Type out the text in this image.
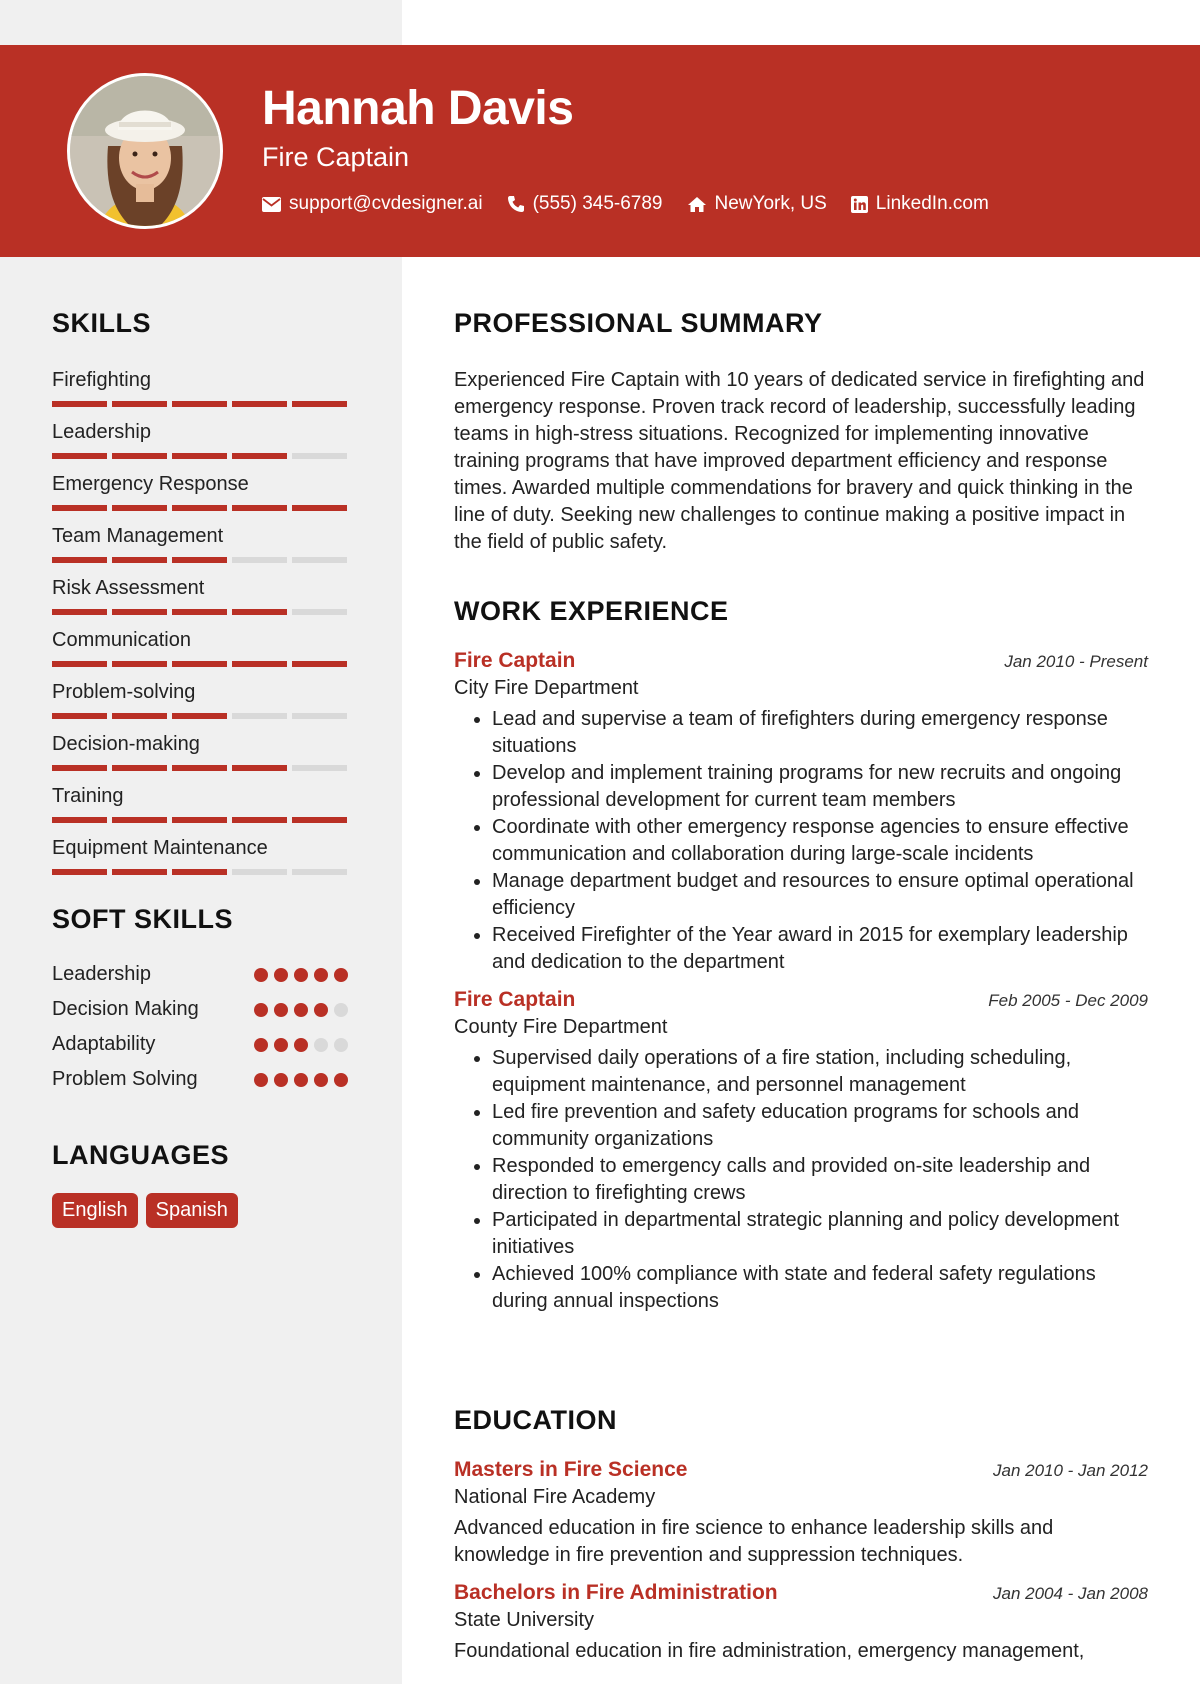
Hannah Davis
Fire Captain
support@cvdesigner.ai	(555) 345-6789	NewYork, US	LinkedIn.com
SKILLS
Firefighting
Leadership
Emergency Response
Team Management
Risk Assessment
Communication
Problem-solving
Decision-making
Training
Equipment Maintenance
SOFT SKILLS
Leadership
Decision Making
Adaptability
Problem Solving
LANGUAGES
English	Spanish
PROFESSIONAL SUMMARY

Experienced Fire Captain with 10 years of dedicated service in firefighting and emergency response. Proven track record of leadership, successfully leading teams in high-stress situations. Recognized for implementing innovative training programs that have improved department efficiency and response times. Awarded multiple commendations for bravery and quick thinking in the line of duty. Seeking new challenges to continue making a positive impact in the field of public safety.

WORK EXPERIENCE
Fire Captain	Jan 2010 - Present
City Fire Department
• Lead and supervise a team of firefighters during emergency response situations
• Develop and implement training programs for new recruits and ongoing professional development for current team members
• Coordinate with other emergency response agencies to ensure effective communication and collaboration during large-scale incidents
• Manage department budget and resources to ensure optimal operational efficiency
• Received Firefighter of the Year award in 2015 for exemplary leadership and dedication to the department
Fire Captain	Feb 2005 - Dec 2009
County Fire Department
• Supervised daily operations of a fire station, including scheduling, equipment maintenance, and personnel management
• Led fire prevention and safety education programs for schools and community organizations
• Responded to emergency calls and provided on-site leadership and direction to firefighting crews
• Participated in departmental strategic planning and policy development initiatives
• Achieved 100% compliance with state and federal safety regulations during annual inspections
EDUCATION
Masters in Fire Science	Jan 2010 - Jan 2012
National Fire Academy

Advanced education in fire science to enhance leadership skills and knowledge in fire prevention and suppression techniques.

Bachelors in Fire Administration	Jan 2004 - Jan 2008
State University

Foundational education in fire administration, emergency management,
